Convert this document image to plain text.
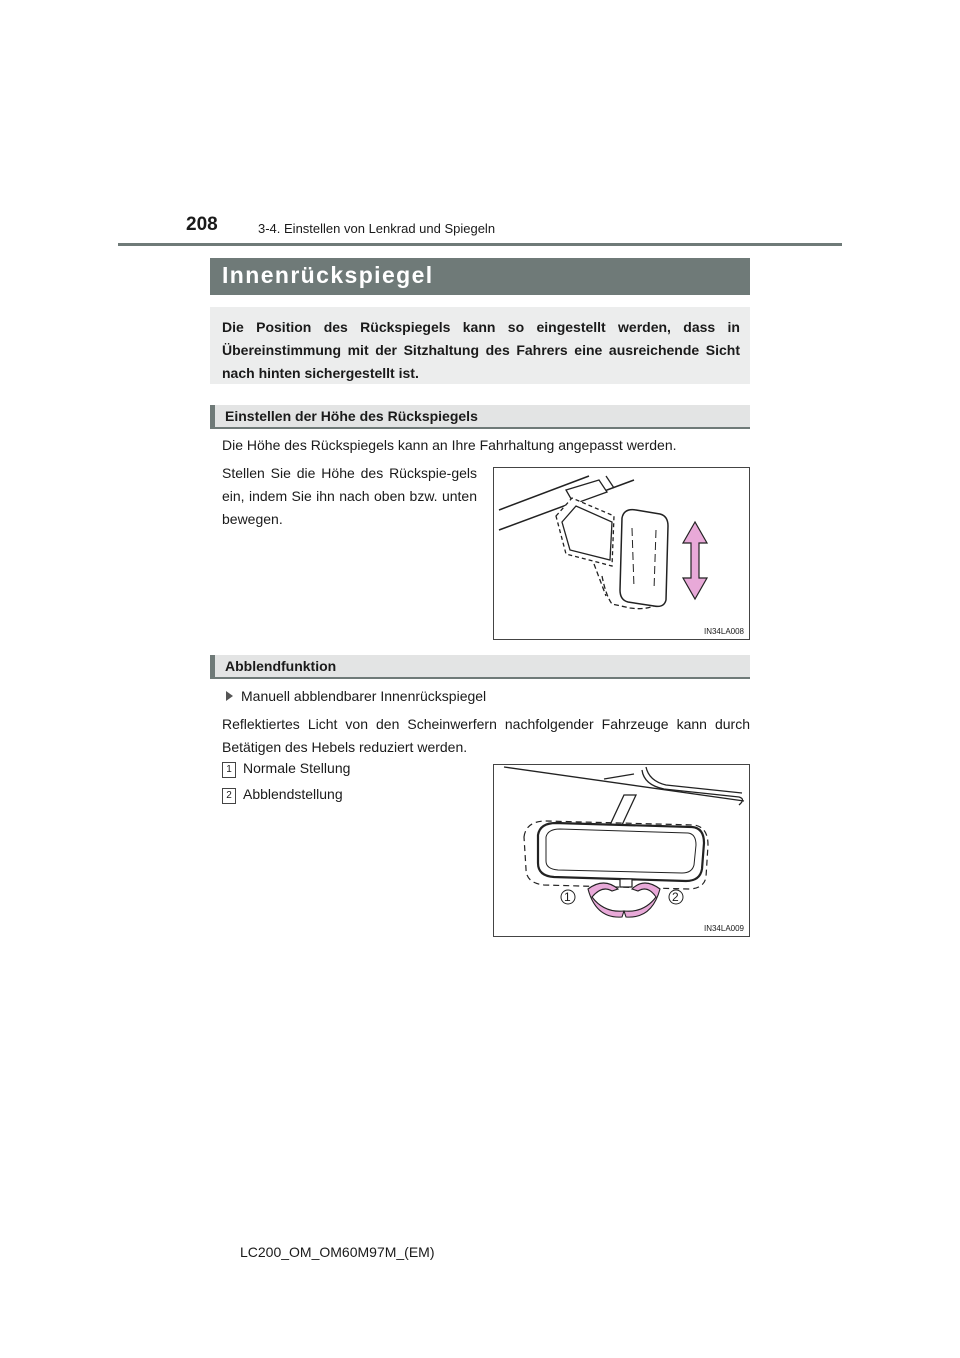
208	3-4. Einstellen von Lenkrad und Spiegeln
Innenrückspiegel
Die Position des Rückspiegels kann so eingestellt werden, dass in Übereinstimmung mit der Sitzhaltung des Fahrers eine ausreichende Sicht nach hinten sichergestellt ist.
Einstellen der Höhe des Rückspiegels
Die Höhe des Rückspiegels kann an Ihre Fahrhaltung angepasst werden.
Stellen Sie die Höhe des Rückspie-gels ein, indem Sie ihn nach oben bzw. unten bewegen.
IN34LA008
Abblendfunktion
Manuell abblendbarer Innenrückspiegel
Reflektiertes Licht von den Scheinwerfern nachfolgender Fahrzeuge kann durch Betätigen des Hebels reduziert werden.
1 Normale Stellung
2 Abblendstellung
1	2
IN34LA009
LC200_OM_OM60M97M_(EM)
